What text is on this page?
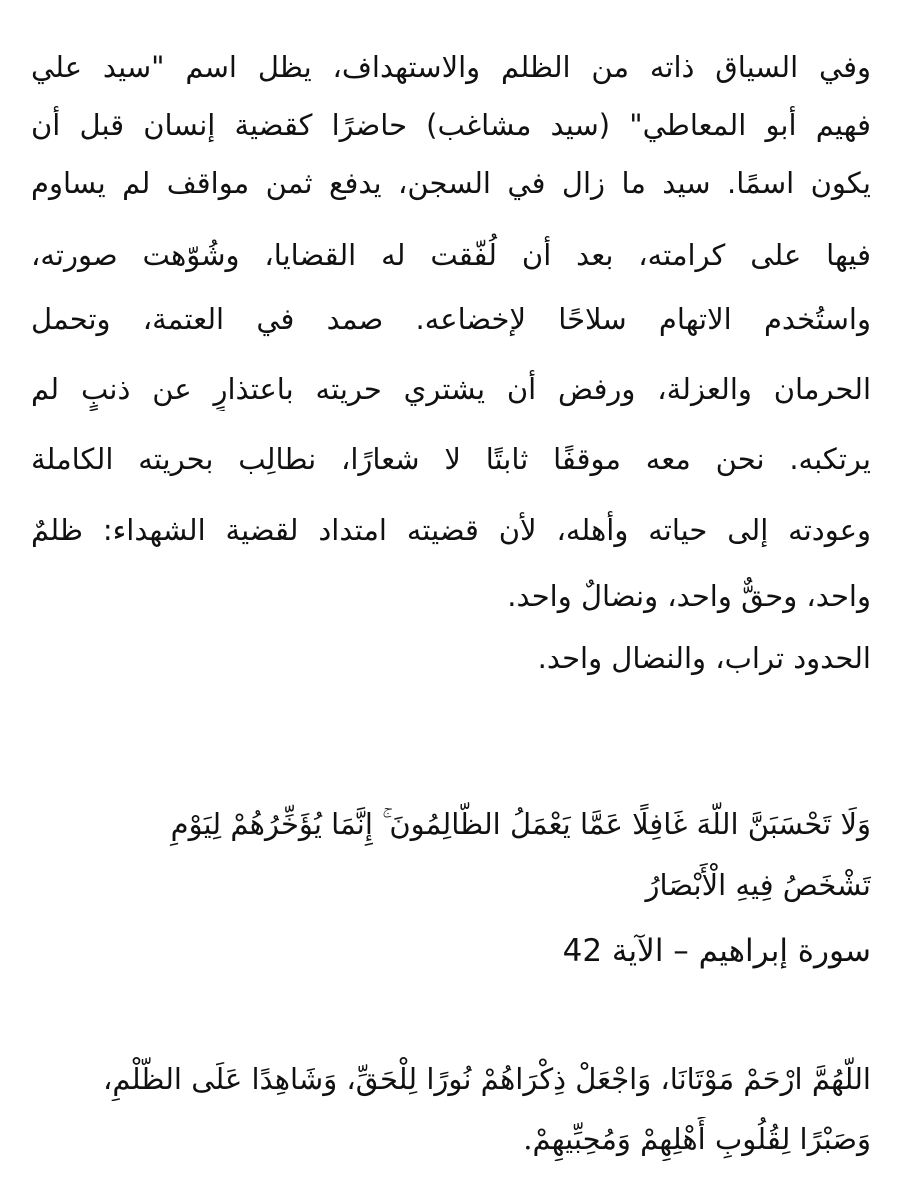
وفي السياق ذاته من الظلم والاستهداف، يظل اسم "سيد علي
فهيم أبو المعاطي" (سيد مشاغب) حاضرًا كقضية إنسان قبل أن
يكون اسمًا. سيد ما زال في السجن، يدفع ثمن مواقف لم يساوم
فيها على كرامته، بعد أن لُفّقت له القضايا، وشُوّهت صورته،
واستُخدم الاتهام سلاحًا لإخضاعه. صمد في العتمة، وتحمل
الحرمان والعزلة، ورفض أن يشتري حريته باعتذارٍ عن ذنبٍ لم
يرتكبه. نحن معه موقفًا ثابتًا لا شعارًا، نطالِب بحريته الكاملة
وعودته إلى حياته وأهله، لأن قضيته امتداد لقضية الشهداء: ظلمٌ
واحد، وحقٌّ واحد، ونضالٌ واحد.
الحدود تراب، والنضال واحد.
وَلَا تَحْسَبَنَّ اللَّهَ غَافِلًا عَمَّا يَعْمَلُ الظَّالِمُونَ ۚ إِنَّمَا يُؤَخِّرُهُمْ لِيَوْمٍ
تَشْخَصُ فِيهِ الْأَبْصَارُ
سورة إبراهيم – الآية 42
اللَّهُمَّ ارْحَمْ مَوْتَانَا، وَاجْعَلْ ذِكْرَاهُمْ نُورًا لِلْحَقِّ، وَشَاهِدًا عَلَى الظُّلْمِ،
وَصَبْرًا لِقُلُوبِ أَهْلِهِمْ وَمُحِبِّيهِمْ.
